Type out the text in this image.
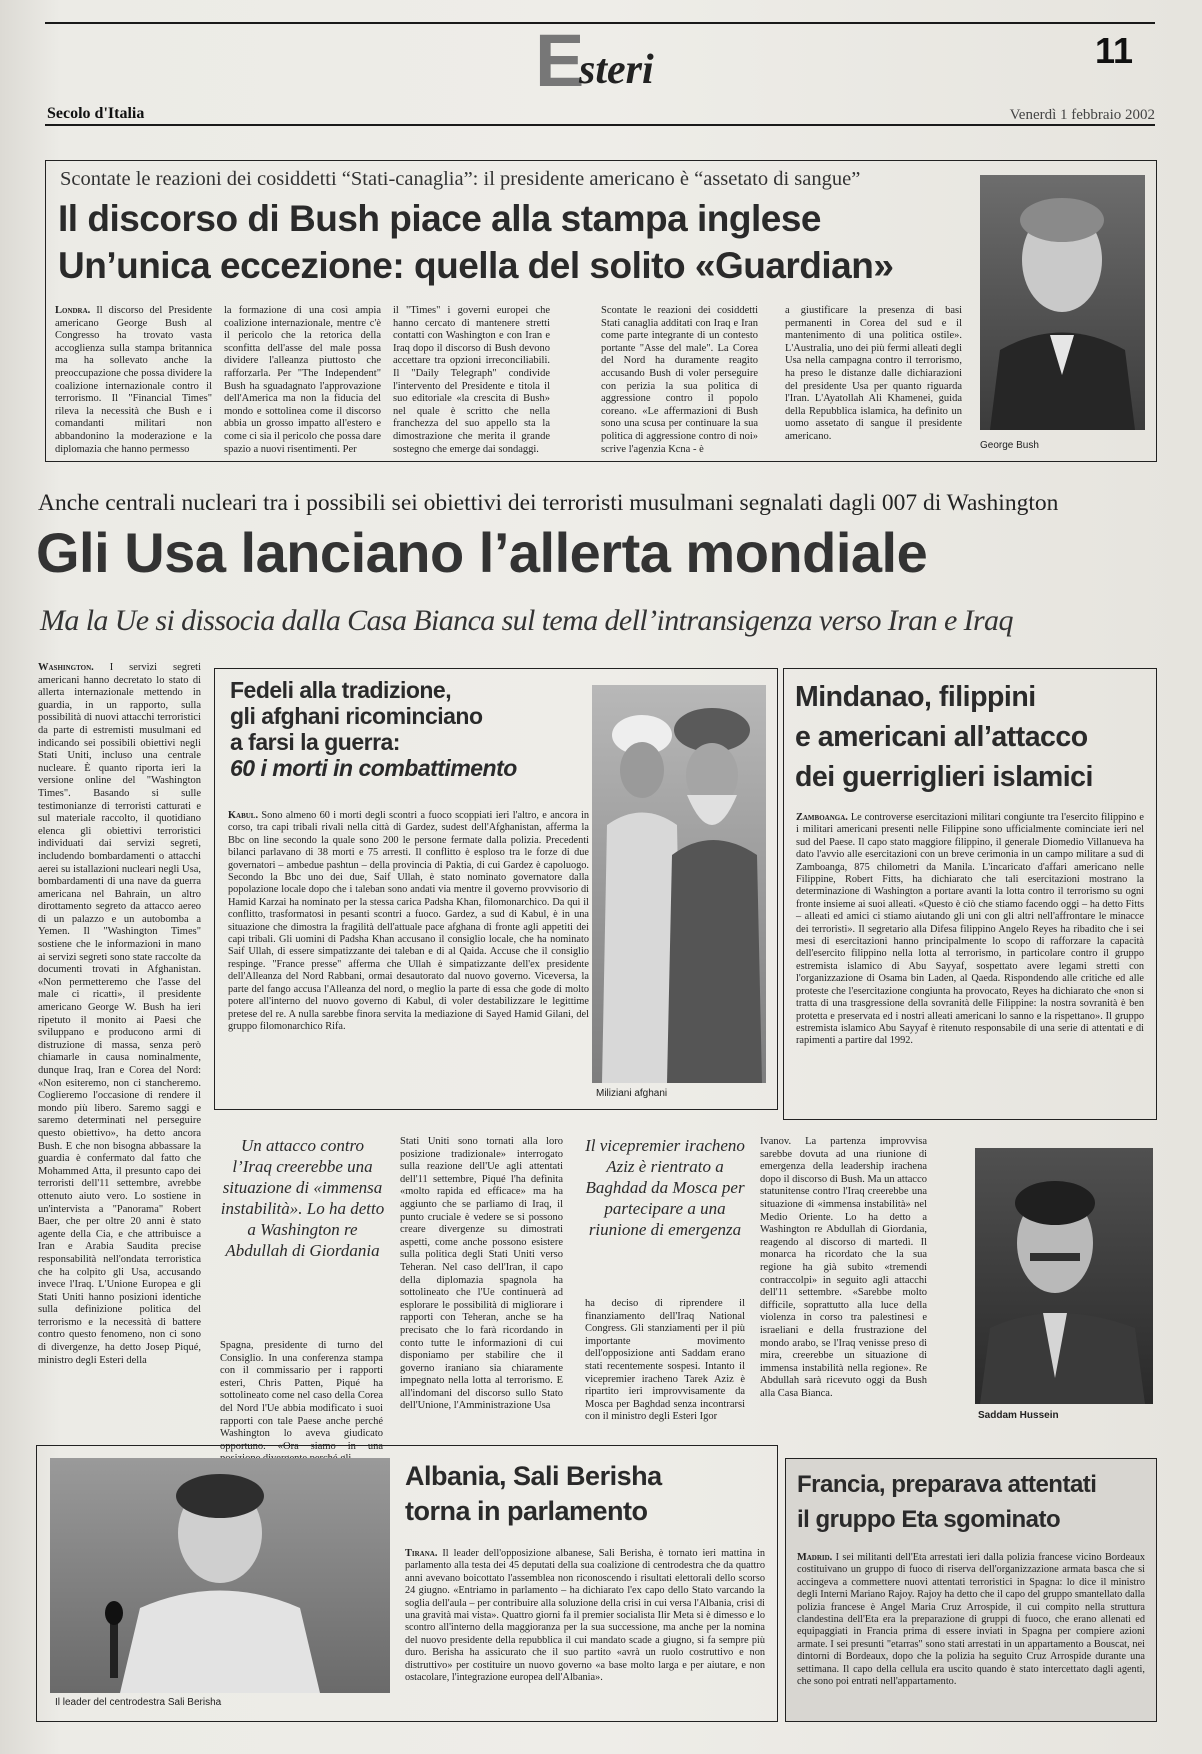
E
steri	11
Secolo d'Italia	Venerdì 1 febbraio 2002
Scontate le reazioni dei cosiddetti “Stati-canaglia”: il presidente americano è “assetato di sangue”
Il discorso di Bush piace alla stampa inglese
Un’unica eccezione: quella del solito «Guardian»
Londra. Il discorso del Presidente americano George Bush al Congresso ha trovato vasta accoglienza sulla stampa britannica ma ha sollevato anche la preoccupazione che possa dividere la coalizione internazionale contro il terrorismo. Il "Financial Times" rileva la necessità che Bush e i comandanti militari non abbandonino la moderazione e la diplomazia che hanno permesso
la formazione di una così ampia coalizione internazionale, mentre c'è il pericolo che la retorica della sconfitta dell'asse del male possa dividere l'alleanza piuttosto che rafforzarla. Per "The Independent" Bush ha sguadagnato l'approvazione dell'America ma non la fiducia del mondo e sottolinea come il discorso abbia un grosso impatto all'estero e come ci sia il pericolo che possa dare spazio a nuovi risentimenti. Per
il "Times" i governi europei che hanno cercato di mantenere stretti contatti con Washington e con Iran e Iraq dopo il discorso di Bush devono accettare tra opzioni irreconciliabili. Il "Daily Telegraph" condivide l'intervento del Presidente e titola il suo editoriale «la crescita di Bush» nel quale è scritto che nella franchezza del suo appello sta la dimostrazione che merita il grande sostegno che emerge dai sondaggi.
Scontate le reazioni dei cosiddetti Stati canaglia additati con Iraq e Iran come parte integrante di un contesto portante "Asse del male". La Corea del Nord ha duramente reagito accusando Bush di voler perseguire con perizia la sua politica di aggressione contro il popolo coreano. «Le affermazioni di Bush sono una scusa per continuare la sua politica di aggressione contro di noi» scrive l'agenzia Kcna - è
a giustificare la presenza di basi permanenti in Corea del sud e il mantenimento di una politica ostile». L'Australia, uno dei più fermi alleati degli Usa nella campagna contro il terrorismo, ha preso le distanze dalle dichiarazioni del presidente Usa per quanto riguarda l'Iran. L'Ayatollah Ali Khamenei, guida della Repubblica islamica, ha definito un uomo assetato di sangue il presidente americano.
George Bush
Anche centrali nucleari tra i possibili sei obiettivi dei terroristi musulmani segnalati dagli 007 di Washington
Gli Usa lanciano l’allerta mondiale
Ma la Ue si dissocia dalla Casa Bianca sul tema dell’intransigenza verso Iran e Iraq
Washington. I servizi segreti americani hanno decretato lo stato di allerta internazionale mettendo in guardia, in un rapporto, sulla possibilità di nuovi attacchi terroristici da parte di estremisti musulmani ed indicando sei possibili obiettivi negli Stati Uniti, incluso una centrale nucleare. È quanto riporta ieri la versione online del "Washington Times". Basando si sulle testimonianze di terroristi catturati e sul materiale raccolto, il quotidiano elenca gli obiettivi terroristici individuati dai servizi segreti, includendo bombardamenti o attacchi aerei su istallazioni nucleari negli Usa, bombardamenti di una nave da guerra americana nel Bahrain, un altro dirottamento segreto da attacco aereo di un palazzo e un autobomba a Yemen. Il "Washington Times" sostiene che le informazioni in mano ai servizi segreti sono state raccolte da documenti trovati in Afghanistan. «Non permetteremo che l'asse del male ci ricatti», il presidente americano George W. Bush ha ieri ripetuto il monito ai Paesi che sviluppano e producono armi di distruzione di massa, senza però chiamarle in causa nominalmente, dunque Iraq, Iran e Corea del Nord: «Non esiteremo, non ci stancheremo. Coglieremo l'occasione di rendere il mondo più libero. Saremo saggi e saremo determinati nel perseguire questo obiettivo», ha detto ancora Bush. E che non bisogna abbassare la guardia è confermato dal fatto che Mohammed Atta, il presunto capo dei terroristi dell'11 settembre, avrebbe ottenuto aiuto vero. Lo sostiene in un'intervista a "Panorama" Robert Baer, che per oltre 20 anni è stato agente della Cia, e che attribuisce a Iran e Arabia Saudita precise responsabilità nell'ondata terroristica che ha colpito gli Usa, accusando invece l'Iraq. L'Unione Europea e gli Stati Uniti hanno posizioni identiche sulla definizione politica del terrorismo e la necessità di battere contro questo fenomeno, non ci sono di divergenze, ha detto Josep Piqué, ministro degli Esteri della
Fedeli alla tradizione,
gli afghani ricominciano
a farsi la guerra:
60 i morti in combattimento
Kabul. Sono almeno 60 i morti degli scontri a fuoco scoppiati ieri l'altro, e ancora in corso, tra capi tribali rivali nella città di Gardez, sudest dell'Afghanistan, afferma la Bbc on line secondo la quale sono 200 le persone fermate dalla polizia. Precedenti bilanci parlavano di 38 morti e 75 arresti. Il conflitto è esploso tra le forze di due governatori – ambedue pashtun – della provincia di Paktia, di cui Gardez è capoluogo. Secondo la Bbc uno dei due, Saif Ullah, è stato nominato governatore dalla popolazione locale dopo che i taleban sono andati via mentre il governo provvisorio di Hamid Karzai ha nominato per la stessa carica Padsha Khan, filomonarchico. Da qui il conflitto, trasformatosi in pesanti scontri a fuoco. Gardez, a sud di Kabul, è in una situazione che dimostra la fragilità dell'attuale pace afghana di fronte agli appetiti dei capi tribali. Gli uomini di Padsha Khan accusano il consiglio locale, che ha nominato Saif Ullah, di essere simpatizzante dei taleban e di al Qaida. Accuse che il consiglio respinge. "France presse" afferma che Ullah è simpatizzante dell'ex presidente dell'Alleanza del Nord Rabbani, ormai desautorato dal nuovo governo. Viceversa, la parte del fango accusa l'Alleanza del nord, o meglio la parte di essa che gode di molto potere all'interno del nuovo governo di Kabul, di voler destabilizzare le legittime pretese del re. A nulla sarebbe finora servita la mediazione di Sayed Hamid Gilani, del gruppo filomonarchico Rifa.
Miliziani afghani
Mindanao, filippini
e americani all’attacco
dei guerriglieri islamici
Zamboanga. Le controverse esercitazioni militari congiunte tra l'esercito filippino e i militari americani presenti nelle Filippine sono ufficialmente cominciate ieri nel sud del Paese. Il capo stato maggiore filippino, il generale Diomedio Villanueva ha dato l'avvio alle esercitazioni con un breve cerimonia in un campo militare a sud di Zamboanga, 875 chilometri da Manila. L'incaricato d'affari americano nelle Filippine, Robert Fitts, ha dichiarato che tali esercitazioni mostrano la determinazione di Washington a portare avanti la lotta contro il terrorismo su ogni fronte insieme ai suoi alleati. «Questo è ciò che stiamo facendo oggi – ha detto Fitts – alleati ed amici ci stiamo aiutando gli uni con gli altri nell'affrontare le minacce dei terroristi». Il segretario alla Difesa filippino Angelo Reyes ha ribadito che i sei mesi di esercitazioni hanno principalmente lo scopo di rafforzare la capacità dell'esercito filippino nella lotta al terrorismo, in particolare contro il gruppo estremista islamico di Abu Sayyaf, sospettato avere legami stretti con l'organizzazione di Osama bin Laden, al Qaeda. Rispondendo alle critiche ed alle proteste che l'esercitazione congiunta ha provocato, Reyes ha dichiarato che «non si tratta di una trasgressione della sovranità delle Filippine: la nostra sovranità è ben protetta e preservata ed i nostri alleati americani lo sanno e la rispettano». Il gruppo estremista islamico Abu Sayyaf è ritenuto responsabile di una serie di attentati e di rapimenti a partire dal 1992.
Un attacco contro l’Iraq creerebbe una situazione di «immensa instabilità». Lo ha detto a Washington re Abdullah di Giordania
Spagna, presidente di turno del Consiglio. In una conferenza stampa con il commissario per i rapporti esteri, Chris Patten, Piqué ha sottolineato come nel caso della Corea del Nord l'Ue abbia modificato i suoi rapporti con tale Paese anche perché Washington lo aveva giudicato opportuno. «Ora siamo in una
Stati Uniti sono tornati alla loro posizione tradizionale» interrogato sulla reazione dell'Ue agli attentati dell'11 settembre, Piqué l'ha definita «molto rapida ed efficace» ma ha aggiunto che se parliamo di Iraq, il punto cruciale è vedere se si possono creare divergenze su dimostrati aspetti, come anche possono esistere sulla politica degli Stati Uniti verso Teheran. Nel caso dell'Iran, il capo della diplomazia spagnola ha sottolineato che l'Ue continuerà ad esplorare le possibilità di migliorare i rapporti con Teheran, anche se ha precisato che lo farà ricordando in conto tutte le informazioni di cui disponiamo per stabilire che il governo iraniano sia chiaramente impegnato nella lotta al terrorismo. E all'indomani del discorso sullo Stato dell'Unione, l'Amministrazione Usa
Il vicepremier iracheno Aziz è rientrato a Baghdad da Mosca per partecipare a una riunione di emergenza
ha deciso di riprendere il finanziamento dell'Iraq National Congress. Gli stanziamenti per il più importante movimento dell'opposizione anti Saddam erano stati recentemente sospesi. Intanto il vicepremier iracheno Tarek Aziz è ripartito ieri improvvisamente da Mosca per Baghdad senza incontrarsi con il ministro degli Esteri Igor
Ivanov. La partenza improvvisa sarebbe dovuta ad una riunione di emergenza della leadership irachena dopo il discorso di Bush. Ma un attacco statunitense contro l'Iraq creerebbe una situazione di «immensa instabilità» nel Medio Oriente. Lo ha detto a Washington re Abdullah di Giordania, reagendo al discorso di martedì. Il monarca ha ricordato che la sua regione ha già subito «tremendi contraccolpi» in seguito agli attacchi dell'11 settembre. «Sarebbe molto difficile, soprattutto alla luce della violenza in corso tra palestinesi e israeliani e della frustrazione del mondo arabo, se l'Iraq venisse preso di mira, creerebbe un situazione di immensa instabilità nella regione». Re Abdullah sarà ricevuto oggi da Bush alla Casa Bianca.
Saddam Hussein
Il leader del centrodestra Sali Berisha
Albania, Sali Berisha
torna in parlamento
Tirana. Il leader dell'opposizione albanese, Sali Berisha, è tornato ieri mattina in parlamento alla testa dei 45 deputati della sua coalizione di centrodestra che da quattro anni avevano boicottato l'assemblea non riconoscendo i risultati elettorali dello scorso 24 giugno. «Entriamo in parlamento – ha dichiarato l'ex capo dello Stato varcando la soglia dell'aula – per contribuire alla soluzione della crisi in cui versa l'Albania, crisi di una gravità mai vista». Quattro giorni fa il premier socialista Ilir Meta si è dimesso e lo scontro all'interno della maggioranza per la sua successione, ma anche per la nomina del nuovo presidente della repubblica il cui mandato scade a giugno, si fa sempre più duro. Berisha ha assicurato che il suo partito «avrà un ruolo costruttivo e non distruttivo» per costituire un nuovo governo «a base molto larga e per aiutare, e non ostacolare, l'integrazione europea dell'Albania».
Francia, preparava attentati
il gruppo Eta sgominato
Madrid. I sei militanti dell'Eta arrestati ieri dalla polizia francese vicino Bordeaux costituivano un gruppo di fuoco di riserva dell'organizzazione armata basca che si accingeva a commettere nuovi attentati terroristici in Spagna: lo dice il ministro degli Interni Mariano Rajoy. Rajoy ha detto che il capo del gruppo smantellato dalla polizia francese è Angel Maria Cruz Arrospide, il cui compito nella struttura clandestina dell'Eta era la preparazione di gruppi di fuoco, che erano allenati ed equipaggiati in Francia prima di essere inviati in Spagna per compiere azioni armate. I sei presunti "etarras" sono stati arrestati in un appartamento a Bouscat, nei dintorni di Bordeaux, dopo che la polizia ha seguito Cruz Arrospide durante una settimana. Il capo della cellula era uscito quando è stato intercettato dagli agenti, che sono poi entrati nell'appartamento.
